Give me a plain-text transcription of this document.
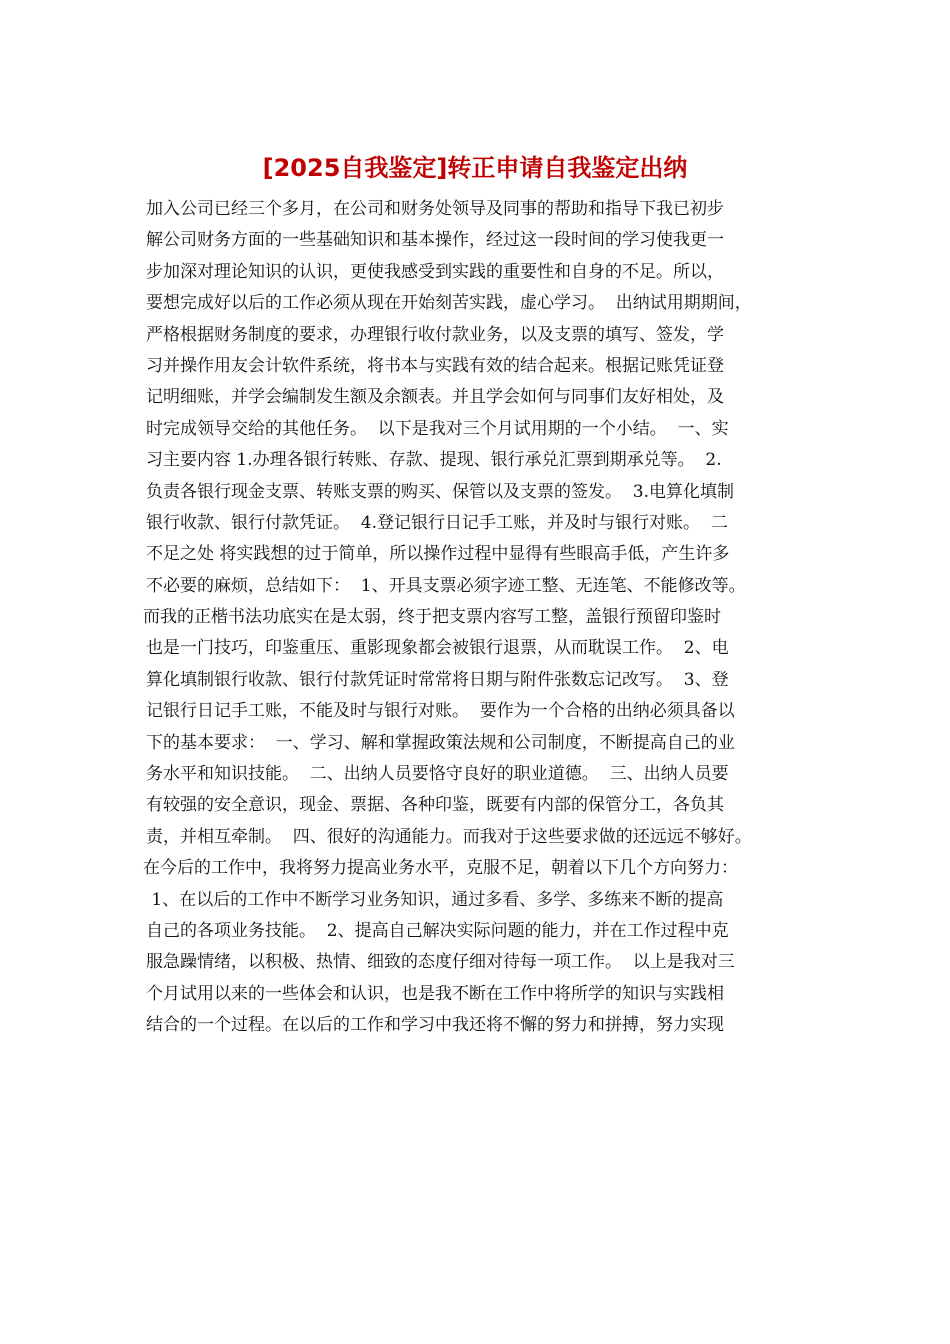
[2025自我鉴定]转正申请自我鉴定出纳
加入公司已经三个多月，在公司和财务处领导及同事的帮助和指导下我已初步
解公司财务方面的一些基础知识和基本操作，经过这一段时间的学习使我更一
步加深对理论知识的认识，更使我感受到实践的重要性和自身的不足。所以，
要想完成好以后的工作必须从现在开始刻苦实践，虚心学习。  出纳试用期期间，
严格根据财务制度的要求，办理银行收付款业务，以及支票的填写、签发，学
习并操作用友会计软件系统，将书本与实践有效的结合起来。根据记账凭证登
记明细账，并学会编制发生额及余额表。并且学会如何与同事们友好相处，及
时完成领导交给的其他任务。  以下是我对三个月试用期的一个小结。  一、实
习主要内容 1.办理各银行转账、存款、提现、银行承兑汇票到期承兑等。  2.
负责各银行现金支票、转账支票的购买、保管以及支票的签发。  3.电算化填制
银行收款、银行付款凭证。  4.登记银行日记手工账，并及时与银行对账。  二
不足之处 将实践想的过于简单，所以操作过程中显得有些眼高手低，产生许多
不必要的麻烦，总结如下：  1、开具支票必须字迹工整、无连笔、不能修改等。
而我的正楷书法功底实在是太弱，终于把支票内容写工整，盖银行预留印鉴时
也是一门技巧，印鉴重压、重影现象都会被银行退票，从而耽误工作。  2、电
算化填制银行收款、银行付款凭证时常常将日期与附件张数忘记改写。  3、登
记银行日记手工账，不能及时与银行对账。  要作为一个合格的出纳必须具备以
下的基本要求：  一、学习、解和掌握政策法规和公司制度，不断提高自己的业
务水平和知识技能。  二、出纳人员要恪守良好的职业道德。  三、出纳人员要
有较强的安全意识，现金、票据、各种印鉴，既要有内部的保管分工，各负其
责，并相互牵制。  四、很好的沟通能力。而我对于这些要求做的还远远不够好。
在今后的工作中，我将努力提高业务水平，克服不足，朝着以下几个方向努力：
1、在以后的工作中不断学习业务知识，通过多看、多学、多练来不断的提高
自己的各项业务技能。  2、提高自己解决实际问题的能力，并在工作过程中克
服急躁情绪，以积极、热情、细致的态度仔细对待每一项工作。  以上是我对三
个月试用以来的一些体会和认识，也是我不断在工作中将所学的知识与实践相
结合的一个过程。在以后的工作和学习中我还将不懈的努力和拼搏，努力实现
